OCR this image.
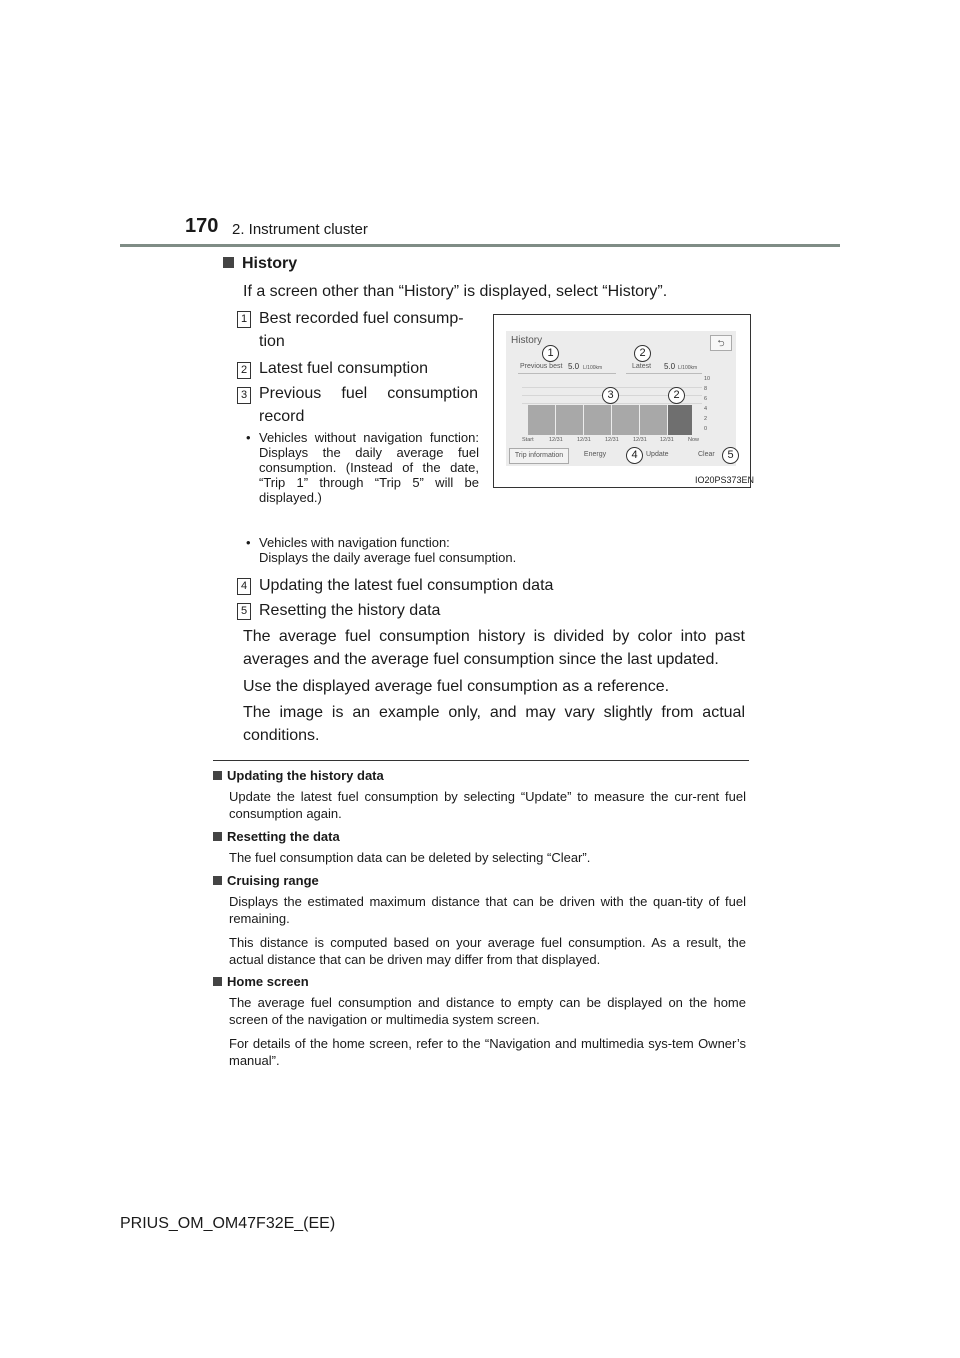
170 2. Instrument cluster
History
If a screen other than “History” is displayed, select “History”.
1 Best recorded fuel consump-
tion
2 Latest fuel consumption
3 Previous fuel consumption
record
• Vehicles without navigation function:
Displays the daily average fuel consumption. (Instead of the date, “Trip 1” through “Trip 5” will be displayed.)
• Vehicles with navigation function:
Displays the daily average fuel consumption.
4 Updating the latest fuel consumption data
5 Resetting the history data
The average fuel consumption history is divided by color into past averages and the average fuel consumption since the last updated.
Use the displayed average fuel consumption as a reference.
The image is an example only, and may vary slightly from actual conditions.
History	⮌
Previous best 5.0 L/100km	Latest 5.0 L/100km
10
8
6
4
2
0
Start	12/31	12/31	12/31	12/31 12/31	Now
Trip information	Energy	Update	Clear
1	2
3	2
4	5
IO20PS373EN
Updating the history data
Update the latest fuel consumption by selecting “Update” to measure the cur-rent fuel consumption again.
Resetting the data
The fuel consumption data can be deleted by selecting “Clear”.
Cruising range
Displays the estimated maximum distance that can be driven with the quan-tity of fuel remaining.
This distance is computed based on your average fuel consumption. As a result, the actual distance that can be driven may differ from that displayed.
Home screen
The average fuel consumption and distance to empty can be displayed on the home screen of the navigation or multimedia system screen.
For details of the home screen, refer to the “Navigation and multimedia sys-tem Owner’s manual”.
PRIUS_OM_OM47F32E_(EE)
